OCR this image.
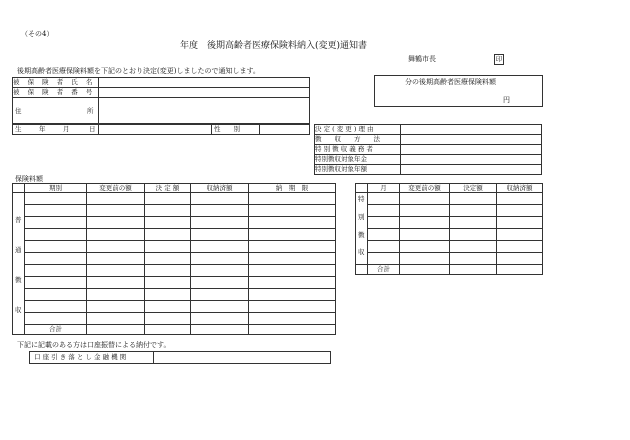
（その4）
年度　後期高齢者医療保険料納入(変更)通知書
舞鶴市長	印
後期高齢者医療保険料額を下記のとおり決定(変更)しましたので通知します。
被 保 険 者 氏 名	
被 保 険 者 番 号	

住 所	

生	年	月	日		性　　別	
分の後期高齢者医療保険料額
円
決 定 ( 変 更 ) 理 由	
徴　　収　　方　　法	
特 別 徴 収 義 務 者	
特別徴収対象年金	
特別徴収対象年額	
保険料額
	期別	変更前の額	決 定 額	収納済額	納　期　限

普
通
徴
収					

	合計				
	月	変更前の額	決定額	収納済額

特
別
徴
収				

	合計			
下記に記載のある方は口座振替による納付です。
口 座 引 き 落 と し 金 融 機 関	
